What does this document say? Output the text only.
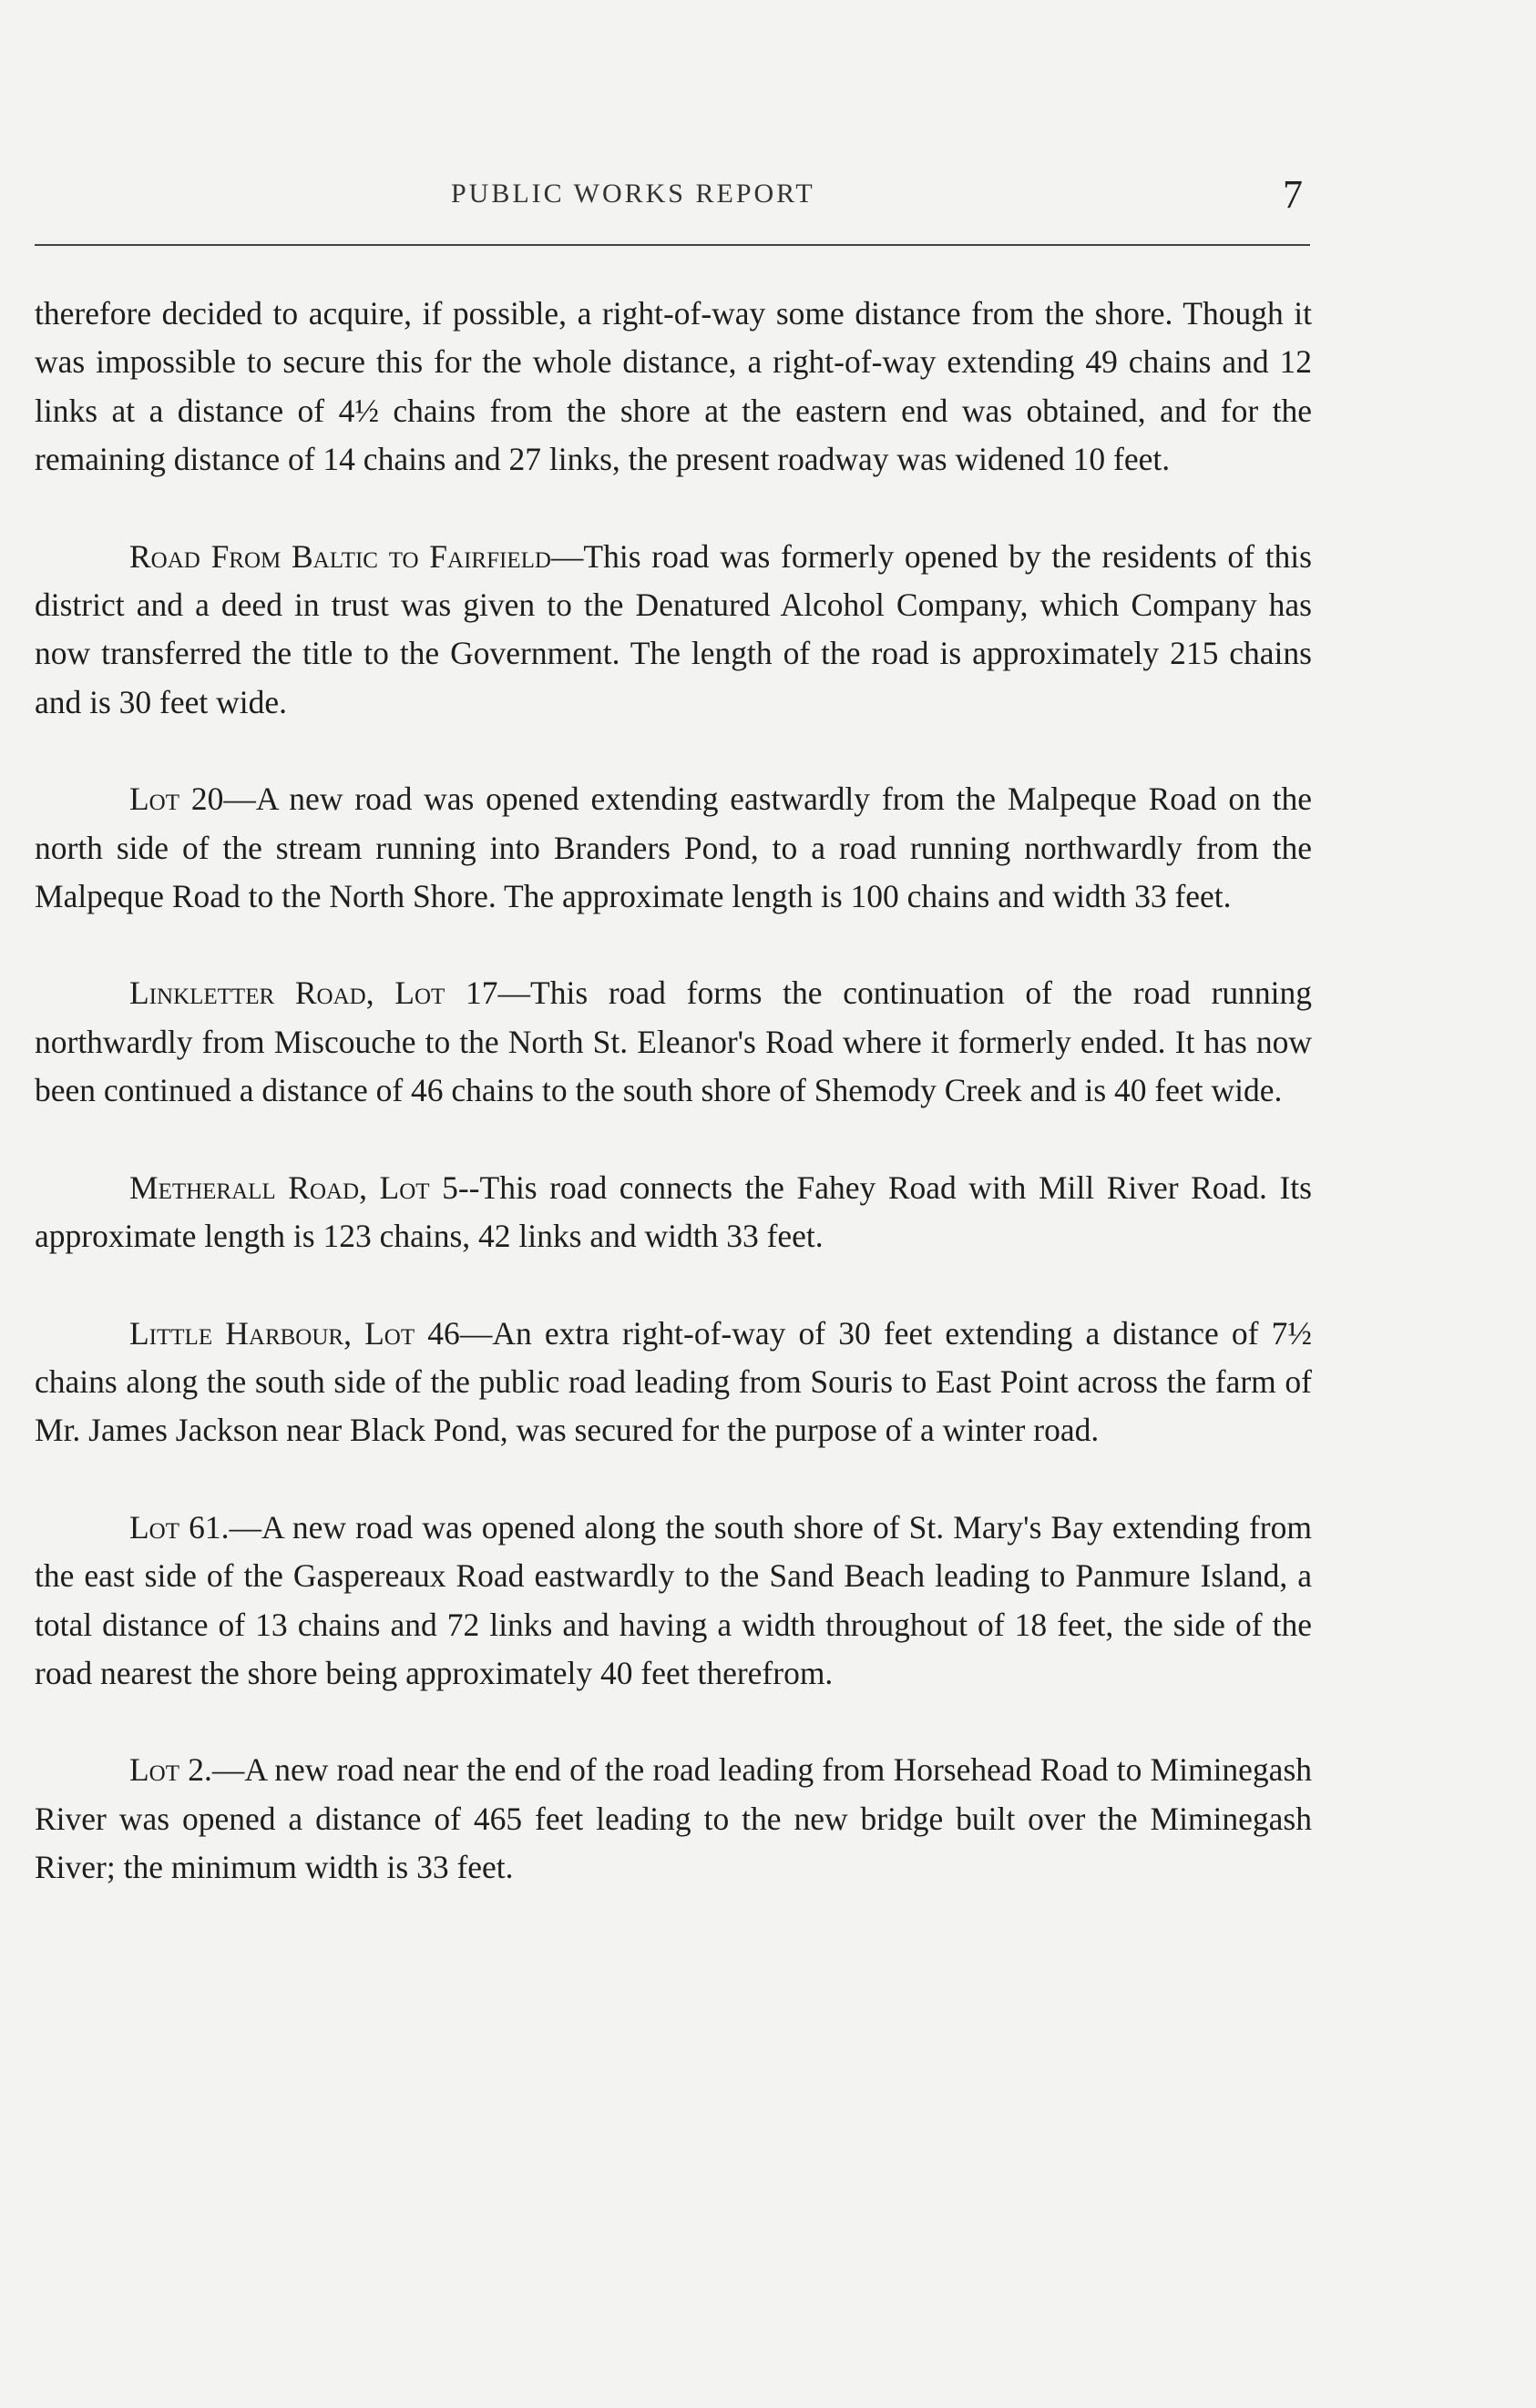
PUBLIC WORKS REPORT	7

therefore decided to acquire, if possible, a right-of-way some distance from the shore. Though it was impossible to secure this for the whole distance, a right-of-way extending 49 chains and 12 links at a distance of 4½ chains from the shore at the eastern end was obtained, and for the remaining distance of 14 chains and 27 links, the present roadway was widened 10 feet.

Road From Baltic to Fairfield—This road was formerly opened by the residents of this district and a deed in trust was given to the Denatured Alcohol Company, which Company has now transferred the title to the Government. The length of the road is approximately 215 chains and is 30 feet wide.

Lot 20—A new road was opened extending eastwardly from the Malpeque Road on the north side of the stream running into Branders Pond, to a road running northwardly from the Malpeque Road to the North Shore. The approximate length is 100 chains and width 33 feet.

Linkletter Road, Lot 17—This road forms the continuation of the road running northwardly from Miscouche to the North St. Eleanor's Road where it formerly ended. It has now been continued a distance of 46 chains to the south shore of Shemody Creek and is 40 feet wide.

Metherall Road, Lot 5--This road connects the Fahey Road with Mill River Road. Its approximate length is 123 chains, 42 links and width 33 feet.

Little Harbour, Lot 46—An extra right-of-way of 30 feet extending a distance of 7½ chains along the south side of the public road leading from Souris to East Point across the farm of Mr. James Jackson near Black Pond, was secured for the purpose of a winter road.

Lot 61.—A new road was opened along the south shore of St. Mary's Bay extending from the east side of the Gaspereaux Road eastwardly to the Sand Beach leading to Panmure Island, a total distance of 13 chains and 72 links and having a width throughout of 18 feet, the side of the road nearest the shore being approximately 40 feet therefrom.

Lot 2.—A new road near the end of the road leading from Horsehead Road to Miminegash River was opened a distance of 465 feet leading to the new bridge built over the Miminegash River; the minimum width is 33 feet.
